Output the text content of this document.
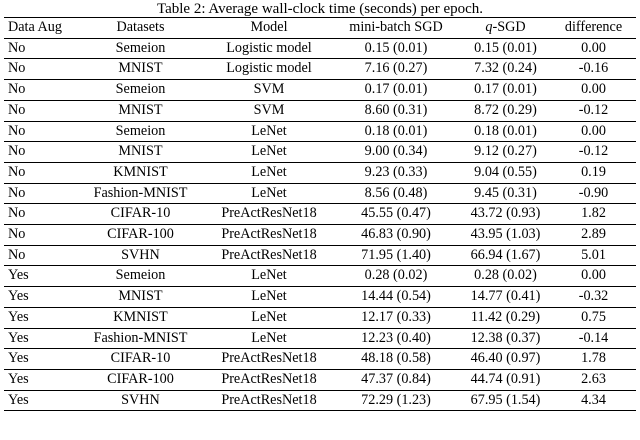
Table 2: Average wall-clock time (seconds) per epoch.
Data Aug	Datasets	Model	mini-batch SGD	q-SGD	difference
No	Semeion	Logistic model	0.15 (0.01)	0.15 (0.01)	0.00
No	MNIST	Logistic model	7.16 (0.27)	7.32 (0.24)	-0.16
No	Semeion	SVM	0.17 (0.01)	0.17 (0.01)	0.00
No	MNIST	SVM	8.60 (0.31)	8.72 (0.29)	-0.12
No	Semeion	LeNet	0.18 (0.01)	0.18 (0.01)	0.00
No	MNIST	LeNet	9.00 (0.34)	9.12 (0.27)	-0.12
No	KMNIST	LeNet	9.23 (0.33)	9.04 (0.55)	0.19
No	Fashion-MNIST	LeNet	8.56 (0.48)	9.45 (0.31)	-0.90
No	CIFAR-10	PreActResNet18	45.55 (0.47)	43.72 (0.93)	1.82
No	CIFAR-100	PreActResNet18	46.83 (0.90)	43.95 (1.03)	2.89
No	SVHN	PreActResNet18	71.95 (1.40)	66.94 (1.67)	5.01
Yes	Semeion	LeNet	0.28 (0.02)	0.28 (0.02)	0.00
Yes	MNIST	LeNet	14.44 (0.54)	14.77 (0.41)	-0.32
Yes	KMNIST	LeNet	12.17 (0.33)	11.42 (0.29)	0.75
Yes	Fashion-MNIST	LeNet	12.23 (0.40)	12.38 (0.37)	-0.14
Yes	CIFAR-10	PreActResNet18	48.18 (0.58)	46.40 (0.97)	1.78
Yes	CIFAR-100	PreActResNet18	47.37 (0.84)	44.74 (0.91)	2.63
Yes	SVHN	PreActResNet18	72.29 (1.23)	67.95 (1.54)	4.34
